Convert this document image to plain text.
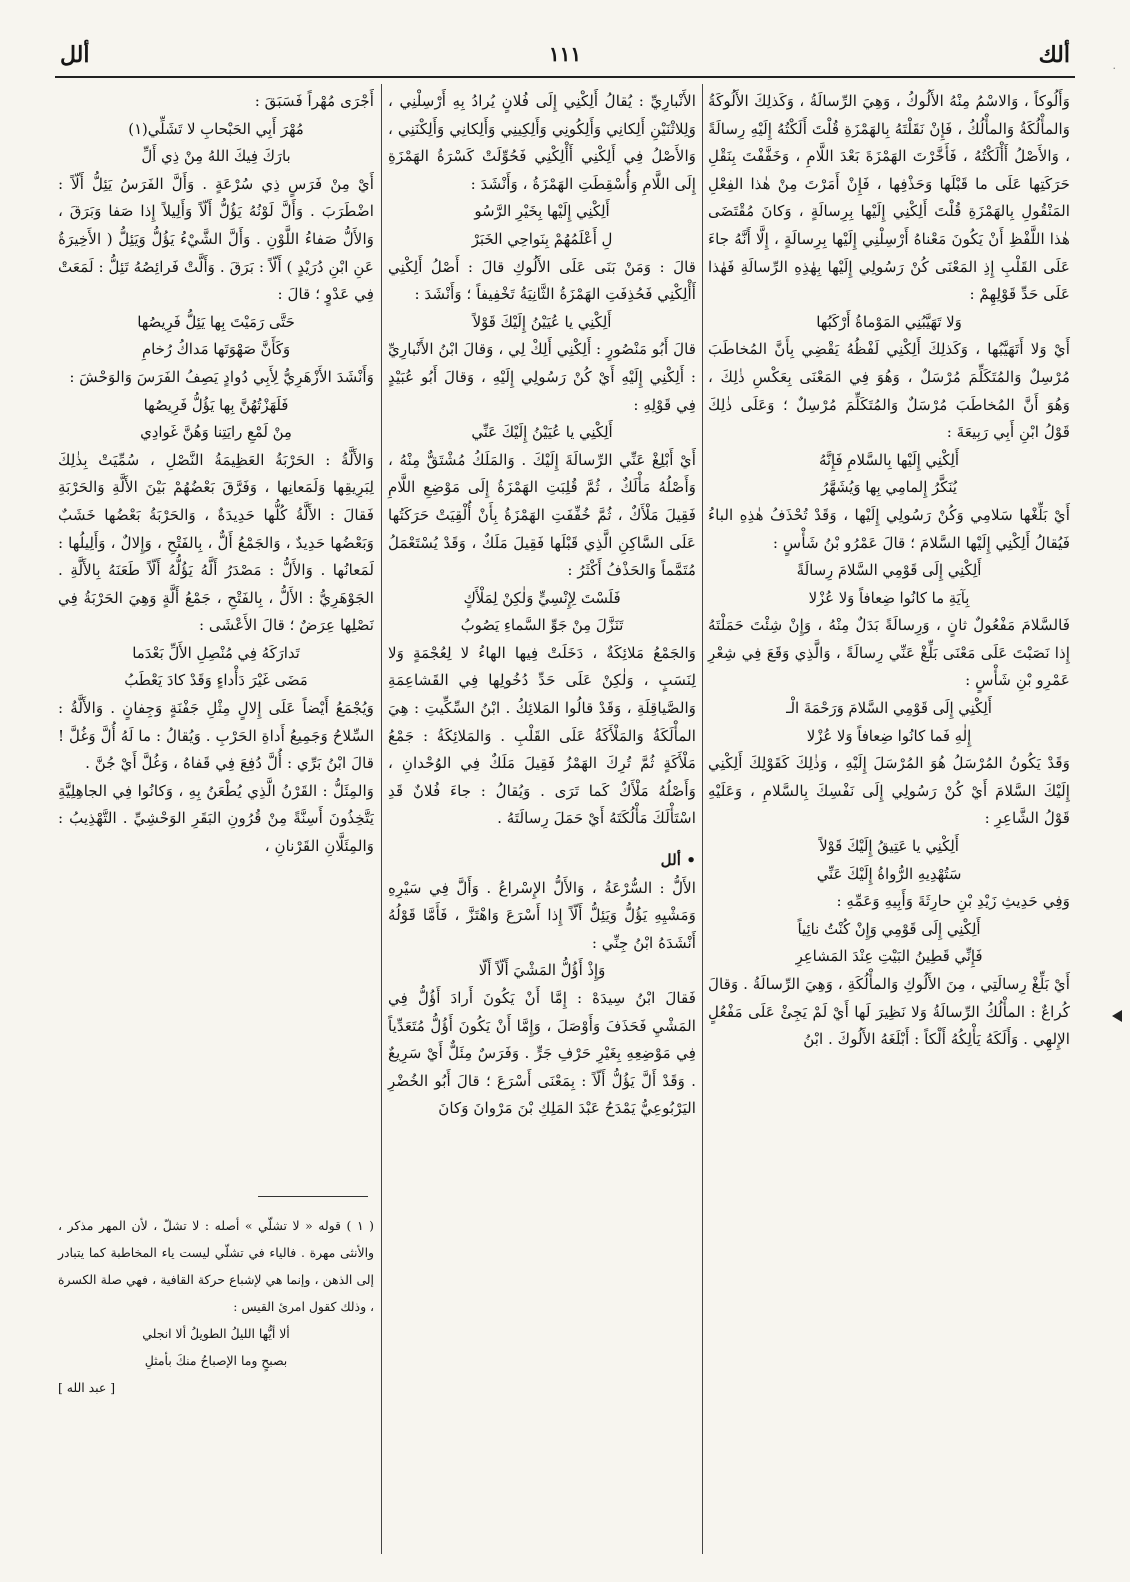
ألك
١١١
ألل
·

وَأَلُوكاً ، وَالاسْمُ مِنْهُ الأَلُوكُ ، وَهِيَ الرِّسالَةُ ، وَكَذلِكَ الأَلُوكَةُ وَالمأْلُكَةُ وَالمأْلُكُ ، فَإِنْ نَقَلْتَهُ بِالهَمْزَةِ قُلْتَ أَلَكْتُهُ إِلَيْهِ رِسالَةً ، وَالأَصْلُ أَأْلَكْتُهُ ، فَأَخَّرْتَ الهَمْزَةَ بَعْدَ اللَّامِ ، وَخَفَّفْتَ بِنَقْلِ حَرَكَتِها عَلَى ما قَبْلَها وَحَذْفِها ، فَإِنْ أَمَرْتَ مِنْ هٰذا الفِعْلِ المَنْقُولِ بِالهَمْزَةِ قُلْتَ أَلِكْنِي إِلَيْها بِرِسالَةٍ ، وَكانَ مُقْتَضَى هٰذا اللَّفْظِ أَنْ يَكُونَ مَعْناهُ أَرْسِلْنِي إِلَيْها بِرِسالَةٍ ، إِلَّا أَنَّهُ جاءَ عَلَى القَلْبِ إِذِ المَعْنَى كُنْ رَسُولِي إِلَيْها بِهٰذِهِ الرِّسالَةِ فَهٰذا عَلَى حَدِّ قَوْلِهِمْ :

وَلا تَهَيَّبُنِي المَوْماةُ أَرْكَبُها

أَيْ وَلا أَتَهَيَّبُها ، وَكَذلِكَ أَلِكْنِي لَفْظُهُ يَقْضِي بِأَنَّ المُخاطَبَ مُرْسِلٌ وَالمُتَكَلِّمَ مُرْسَلٌ ، وَهُوَ فِي المَعْنَى بِعَكْسِ ذٰلِكَ ، وَهُوَ أَنَّ المُخاطَبَ مُرْسَلٌ وَالمُتَكَلِّمَ مُرْسِلٌ ؛ وَعَلَى ذٰلِكَ قَوْلُ ابْنِ أَبِي رَبِيعَةَ :

أَلِكْنِي إِلَيْها بِالسَّلامِ فَإِنَّهُ

يُنَكَّرُ إِلمامِي بِها وَيُشَهَّرُ

أَيْ بَلِّغْها سَلامِي وَكُنْ رَسُولِي إِلَيْها ، وَقَدْ تُحْذَفُ هٰذِهِ الباءُ فَيُقالُ أَلِكْنِي إِلَيْها السَّلامَ ؛ قالَ عَمْرُو بْنُ شَأْسٍ :

أَلِكْنِي إِلَى قَوْمِي السَّلامَ رِسالَةً

بِآيَةِ ما كانُوا ضِعافاً وَلا عُزْلا

فَالسَّلامَ مَفْعُولٌ ثانٍ ، وَرِسالَةً بَدَلٌ مِنْهُ ، وَإِنْ شِئْتَ حَمَلْتَهُ إِذا نَصَبْتَ عَلَى مَعْنَى بَلِّغْ عَنِّي رِسالَةً ، وَالَّذِي وَقَعَ فِي شِعْرِ عَمْرِو بْنِ شَأْسٍ :

أَلِكْنِي إِلَى قَوْمِي السَّلامَ وَرَحْمَةَ الْـ

إِلٰهِ فَما كانُوا ضِعافاً وَلا عُزْلا

وَقَدْ يَكُونُ المُرْسَلُ هُوَ المُرْسَلَ إِلَيْهِ ، وَذٰلِكَ كَقَوْلِكَ أَلِكْنِي إِلَيْكَ السَّلامَ أَيْ كُنْ رَسُولِي إِلَى نَفْسِكَ بِالسَّلامِ ، وَعَلَيْهِ قَوْلُ الشَّاعِرِ :

أَلِكْنِي يا عَتِيقُ إِلَيْكَ قَوْلاً

سَتُهْدِيهِ الرُّواةُ إِلَيْكَ عَنِّي

وَفِي حَدِيثِ زَيْدِ بْنِ حارِثَةَ وَأَبِيهِ وَعَمِّهِ :

أَلِكْنِي إِلَى قَوْمِي وَإِنْ كُنْتُ نائِياً

فَإِنِّي قَطِينُ البَيْتِ عِنْدَ المَشاعِرِ

أَيْ بَلِّغْ رِسالَتِي ، مِنَ الأَلُوكِ وَالمأْلُكَةِ ، وَهِيَ الرِّسالَةُ . وَقالَ كُراعٌ : المأْلُكُ الرِّسالَةُ وَلا نَظِيرَ لَها أَيْ لَمْ يَجِئْ عَلَى مَفْعُلٍ الإِلهِي . وَأَلَكَهُ يَأْلِكُهُ أَلْكاً : أَبْلَغَهُ الأَلُوكَ . ابْنُ

الأَنْبارِيِّ : يُقالُ أَلِكْنِي إِلَى فُلانٍ يُرادُ بِهِ أَرْسِلْنِي ، وَلِلاثْنَيْنِ أَلِكانِي وَأَلِكُونِي وَأَلِكِينِي وَأَلِكانِي وَأَلِكْنَنِي ، وَالأَصْلُ فِي أَلِكْنِي أَأْلِكْنِي فَحُوِّلَتْ كَسْرَةُ الهَمْزَةِ إِلَى اللَّامِ وَأُسْقِطَتِ الهَمْزَةُ ، وَأَنْشَدَ :

أَلِكْنِي إِلَيْها بِخَيْرِ الرَّسُو

لِ أَعْلَمُهُمْ بِنَواحِي الخَبَرْ

قالَ : وَمَنْ بَنَى عَلَى الأَلُوكِ قالَ : أَصْلُ أَلِكْنِي أَأْلِكْنِي فَحُذِفَتِ الهَمْزَةُ الثَّانِيَةُ تَخْفِيفاً ؛ وَأَنْشَدَ :

أَلِكْنِي يا عُيَيْنُ إِلَيْكَ قَوْلاً

قالَ أَبُو مَنْصُورٍ : أَلِكْنِي أَلِكْ لِي ، وَقالَ ابْنُ الأَنْبارِيِّ : أَلِكْنِي إِلَيْهِ أَيْ كُنْ رَسُولِي إِلَيْهِ ، وَقالَ أَبُو عُبَيْدٍ فِي قَوْلِهِ :

أَلِكْنِي يا عُيَيْنُ إِلَيْكَ عَنِّي

أَيْ أَبْلِغْ عَنِّي الرِّسالَةَ إِلَيْكَ . وَالمَلَكُ مُشْتَقٌّ مِنْهُ ، وَأَصْلُهُ مَأْلَكٌ ، ثُمَّ قُلِبَتِ الهَمْزَةُ إِلَى مَوْضِعِ اللَّامِ فَقِيلَ مَلْأَكٌ ، ثُمَّ خُفِّفَتِ الهَمْزَةُ بِأَنْ أُلْقِيَتْ حَرَكَتُها عَلَى السَّاكِنِ الَّذِي قَبْلَها فَقِيلَ مَلَكٌ ، وَقَدْ يُسْتَعْمَلُ مُتَمَّماً وَالحَذْفُ أَكْثَرُ :

فَلَسْتَ لِإِنْسِيٍّ وَلٰكِنْ لِمَلْأَكٍ

تَنَزَّلَ مِنْ جَوِّ السَّماءِ يَصُوبُ

وَالجَمْعُ مَلائِكَةٌ ، دَخَلَتْ فِيها الهاءُ لا لِعُجْمَةٍ وَلا لِنَسَبٍ ، وَلٰكِنْ عَلَى حَدِّ دُخُولِها فِي القَشاعِمَةِ وَالصَّياقِلَةِ ، وَقَدْ قالُوا المَلائِكُ . ابْنُ السِّكِّيتِ : هِيَ المأْلَكَةُ وَالمَلْأَكَةُ عَلَى القَلْبِ . وَالمَلائِكَةُ : جَمْعُ مَلْأَكَةٍ ثُمَّ تُرِكَ الهَمْزُ فَقِيلَ مَلَكٌ فِي الوُحْدانِ ، وَأَصْلُهُ مَلْأَكٌ كَما تَرَى . وَيُقالُ : جاءَ فُلانٌ قَدِ اسْتَأْلَكَ مَأْلُكَتَهُ أَيْ حَمَلَ رِسالَتَهُ .

• ألل

الأَلُّ : السُّرْعَةُ ، وَالأَلُّ الإِسْراعُ . وَأَلَّ فِي سَيْرِهِ وَمَشْيِهِ يَؤُلُّ وَيَئِلُّ أَلّاً إِذا أَسْرَعَ وَاهْتَزَّ ، فَأَمَّا قَوْلُهُ أَنْشَدَهُ ابْنُ جِنِّي :

وَإِذْ أَؤُلُّ المَشْيَ أَلّاً أَلّا

فَقالَ ابْنُ سِيدَهْ : إِمَّا أَنْ يَكُونَ أَرادَ أَؤُلُّ فِي المَشْيِ فَحَذَفَ وَأَوْصَلَ ، وَإِمَّا أَنْ يَكُونَ أَؤُلُّ مُتَعَدِّياً فِي مَوْضِعِهِ بِغَيْرِ حَرْفِ جَرٍّ . وَفَرَسٌ مِئَلٌّ أَيْ سَرِيعٌ . وَقَدْ أَلَّ يَؤُلُّ أَلّاً : بِمَعْنَى أَسْرَعَ ؛ قالَ أَبُو الخُضْرِ اليَرْبُوعِيُّ يَمْدَحُ عَبْدَ المَلِكِ بْنَ مَرْوانَ وَكانَ

أَجْرَى مُهْراً فَسَبَقَ :

مُهْرَ أَبِي الحَبْحابِ لا تَشَلِّي(١)

بارَكَ فِيكَ اللهُ مِنْ ذِي أَلِّ

أَيْ مِنْ فَرَسٍ ذِي سُرْعَةٍ . وَأَلَّ الفَرَسُ يَئِلُّ أَلّاً : اضْطَرَبَ . وَأَلَّ لَوْنُهُ يَؤُلُّ أَلّاً وَأَلِيلاً إِذا صَفا وَبَرَقَ ، وَالأَلُّ صَفاءُ اللَّوْنِ . وَأَلَّ الشَّيْءُ يَؤُلُّ وَيَئِلُّ ( الأَخِيرَةُ عَنِ ابْنِ دُرَيْدٍ ) أَلّاً : بَرَقَ . وَأَلَّتْ فَرائِصُهُ تَئِلُّ : لَمَعَتْ فِي عَدْوٍ ؛ قالَ :

حَتَّى رَمَيْتَ بِها يَئِلُّ فَرِيصُها

وَكَأَنَّ صَهْوَتَها مَداكُ رُخامِ

وَأَنْشَدَ الأَزْهَرِيُّ لِأَبِي دُوادٍ يَصِفُ الفَرَسَ وَالوَحْشَ :

فَلَهَزْتُهُنَّ بِها يَؤُلُّ فَرِيصُها

مِنْ لَمْعِ رايَتِنا وَهُنَّ غَوادِي

وَالأَلَّةُ : الحَرْبَةُ العَظِيمَةُ النَّصْلِ ، سُمِّيَتْ بِذٰلِكَ لِبَرِيقِها وَلَمَعانِها ، وَفَرَّقَ بَعْضُهُمْ بَيْنَ الأَلَّةِ وَالحَرْبَةِ فَقالَ : الأَلَّةُ كُلُّها حَدِيدَةٌ ، وَالحَرْبَةُ بَعْضُها خَشَبٌ وَبَعْضُها حَدِيدٌ ، وَالجَمْعُ أَلٌّ ، بِالفَتْحِ ، وَإِلالٌ ، وَأَلِيلُها : لَمَعانُها . وَالأَلُّ : مَصْدَرُ أَلَّهُ يَؤُلُّهُ أَلّاً طَعَنَهُ بِالأَلَّةِ . الجَوْهَرِيُّ : الأَلُّ ، بِالفَتْحِ ، جَمْعُ أَلَّةٍ وَهِيَ الحَرْبَةُ فِي نَصْلِها عِرَضٌ ؛ قالَ الأَعْشَى :

تَدارَكَهُ فِي مُنْصِلِ الأَلِّ بَعْدَما

مَضَى غَيْرَ دَأْداءٍ وَقَدْ كادَ يَعْطَبُ

وَيُجْمَعُ أَيْضاً عَلَى إِلالٍ مِثْلِ جَفْنَةٍ وَجِفانٍ . وَالأَلَّةُ : السِّلاحُ وَجَمِيعُ أَداةِ الحَرْبِ . وَيُقالُ : ما لَهُ أُلَّ وَغُلَّ ! قالَ ابْنُ بَرِّي : أُلَّ دُفِعَ فِي قَفاهُ ، وَغُلَّ أَيْ جُنَّ .

وَالمِئَلُّ : القَرْنُ الَّذِي يُطْعَنُ بِهِ ، وَكانُوا فِي الجاهِلِيَّةِ يَتَّخِذُونَ أَسِنَّةً مِنْ قُرُونِ البَقَرِ الوَحْشِيِّ . التَّهْذِيبُ : وَالمِئَلَّانِ القَرْنانِ ،

( ١ ) قوله « لا تشلّي » أصله : لا تشلّ ، لأن المهر مذكر ، والأنثى مهرة . فالياء في تشلّي ليست ياء المخاطبة كما يتبادر إلى الذهن ، وإنما هي لإشباع حركة القافية ، فهي صلة الكسرة ، وذلك كقول امرئ القيس :

ألا أيُّها الليلُ الطويلُ ألا انجلي

بصبحٍ وما الإصباحُ منكَ بأمثلِ

[ عبد الله ]
